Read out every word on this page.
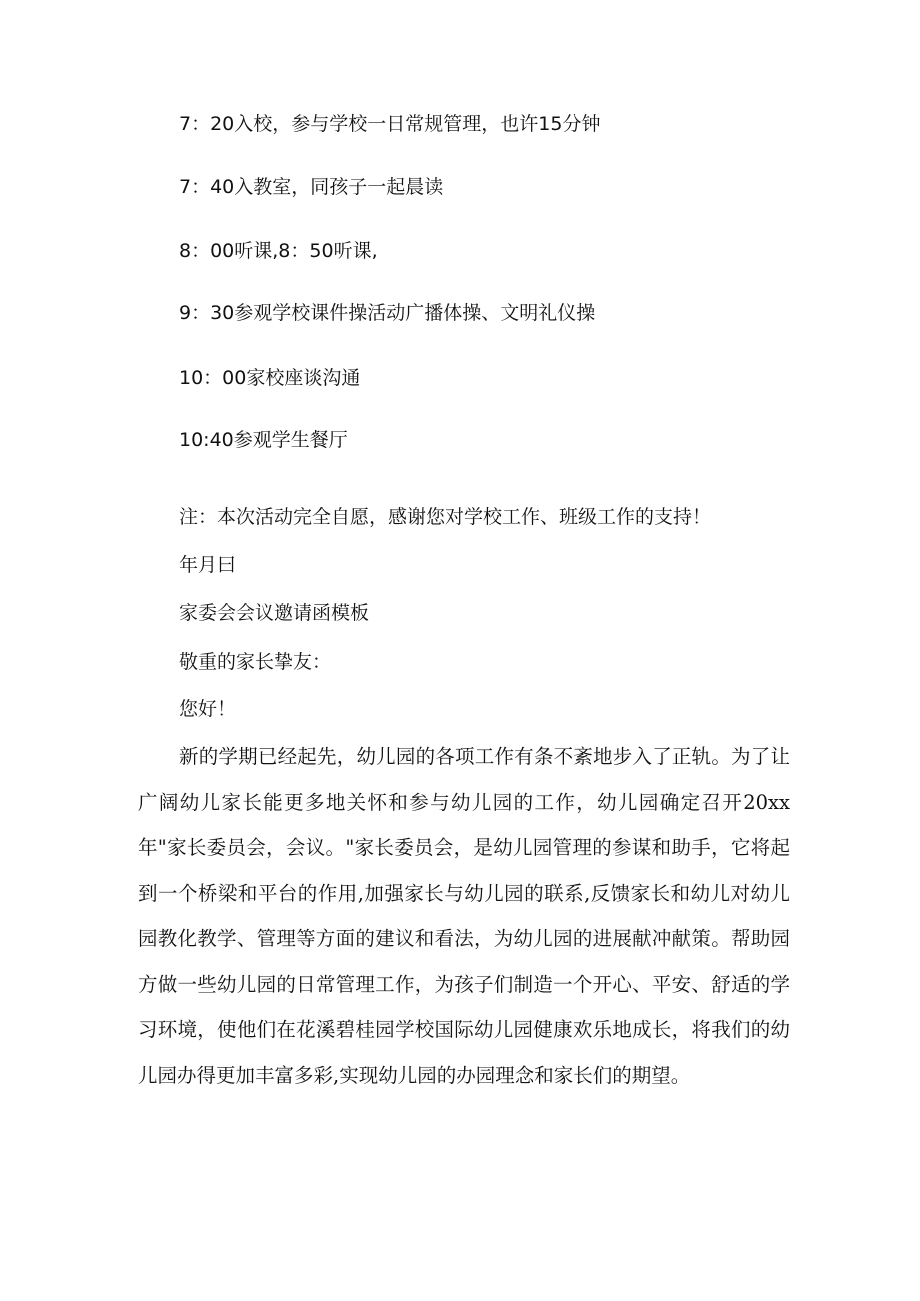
7：20入校，参与学校一日常规管理，也许15分钟

7：40入教室，同孩子一起晨读

8：00听课,8：50听课,

9：30参观学校课件操活动广播体操、文明礼仪操

10：00家校座谈沟通

10:40参观学生餐厅

注：本次活动完全自愿，感谢您对学校工作、班级工作的支持！

年月曰

家委会会议邀请函模板

敬重的家长挚友：

您好！

新的学期已经起先，幼儿园的各项工作有条不紊地步入了正轨。为了让广阔幼儿家长能更多地关怀和参与幼儿园的工作，幼儿园确定召开20xx年"家长委员会，会议。"家长委员会，是幼儿园管理的参谋和助手，它将起到一个桥梁和平台的作用,加强家长与幼儿园的联系,反馈家长和幼儿对幼儿园教化教学、管理等方面的建议和看法，为幼儿园的进展献冲献策。帮助园方做一些幼儿园的日常管理工作，为孩子们制造一个开心、平安、舒适的学习环境，使他们在花溪碧桂园学校国际幼儿园健康欢乐地成长，将我们的幼儿园办得更加丰富多彩,实现幼儿园的办园理念和家长们的期望。
